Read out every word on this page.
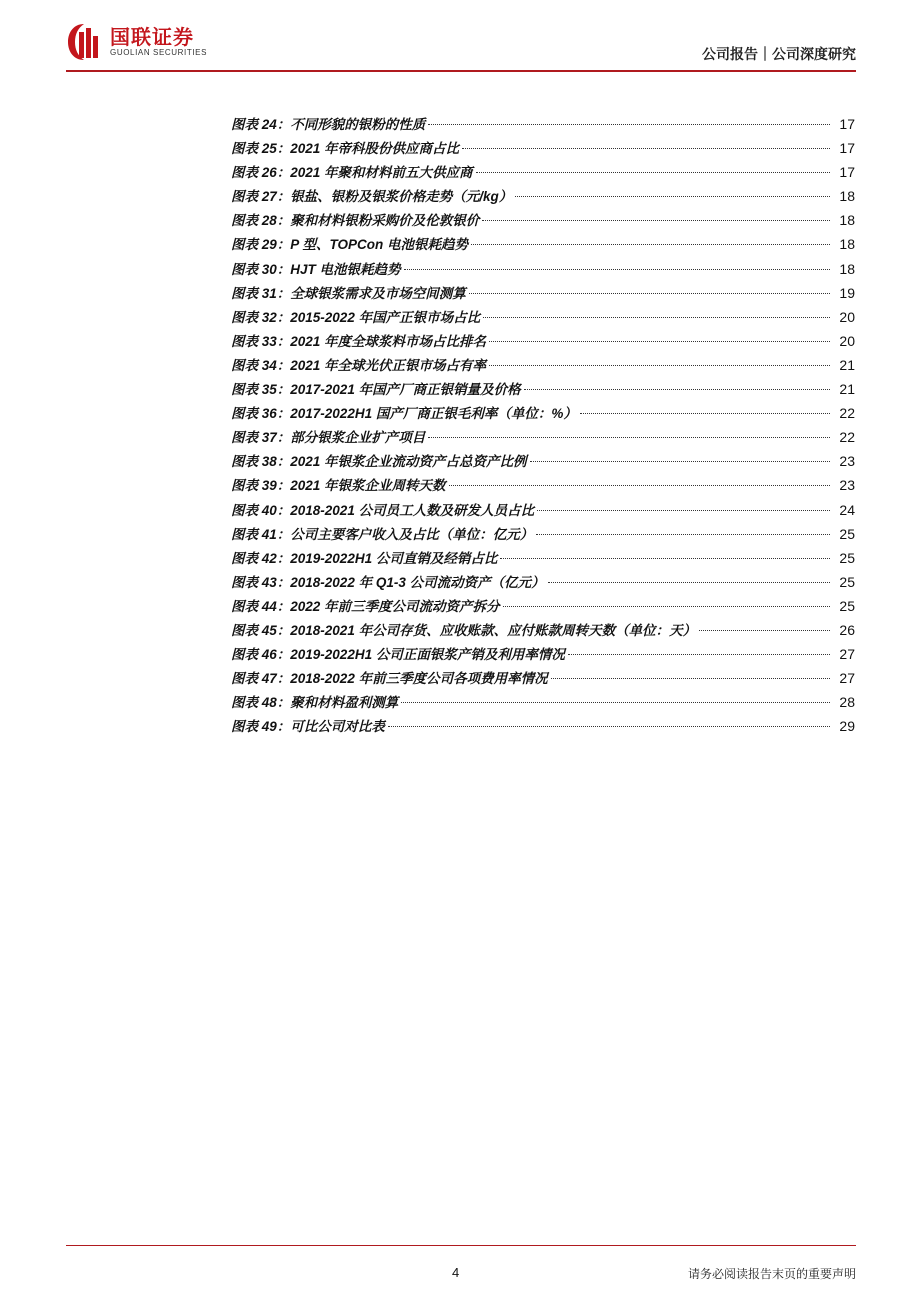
国联证券
GUOLIAN SECURITIES	公司报告｜公司深度研究
图表 24：不同形貌的银粉的性质	17
图表 25：2021 年帝科股份供应商占比	17
图表 26：2021 年聚和材料前五大供应商	17
图表 27：银盐、银粉及银浆价格走势（元/kg）	18
图表 28：聚和材料银粉采购价及伦敦银价	18
图表 29：P 型、TOPCon 电池银耗趋势	18
图表 30：HJT 电池银耗趋势	18
图表 31：全球银浆需求及市场空间测算	19
图表 32：2015-2022 年国产正银市场占比	20
图表 33：2021 年度全球浆料市场占比排名	20
图表 34：2021 年全球光伏正银市场占有率	21
图表 35：2017-2021 年国产厂商正银销量及价格	21
图表 36：2017-2022H1 国产厂商正银毛利率（单位：%）	22
图表 37：部分银浆企业扩产项目	22
图表 38：2021 年银浆企业流动资产占总资产比例	23
图表 39：2021 年银浆企业周转天数	23
图表 40：2018-2021 公司员工人数及研发人员占比	24
图表 41：公司主要客户收入及占比（单位：亿元）	25
图表 42：2019-2022H1 公司直销及经销占比	25
图表 43：2018-2022 年 Q1-3 公司流动资产（亿元）	25
图表 44：2022 年前三季度公司流动资产拆分	25
图表 45：2018-2021 年公司存货、应收账款、应付账款周转天数（单位：天）	26
图表 46：2019-2022H1 公司正面银浆产销及利用率情况	27
图表 47：2018-2022 年前三季度公司各项费用率情况	27
图表 48：聚和材料盈利测算	28
图表 49：可比公司对比表	29
4	请务必阅读报告末页的重要声明
